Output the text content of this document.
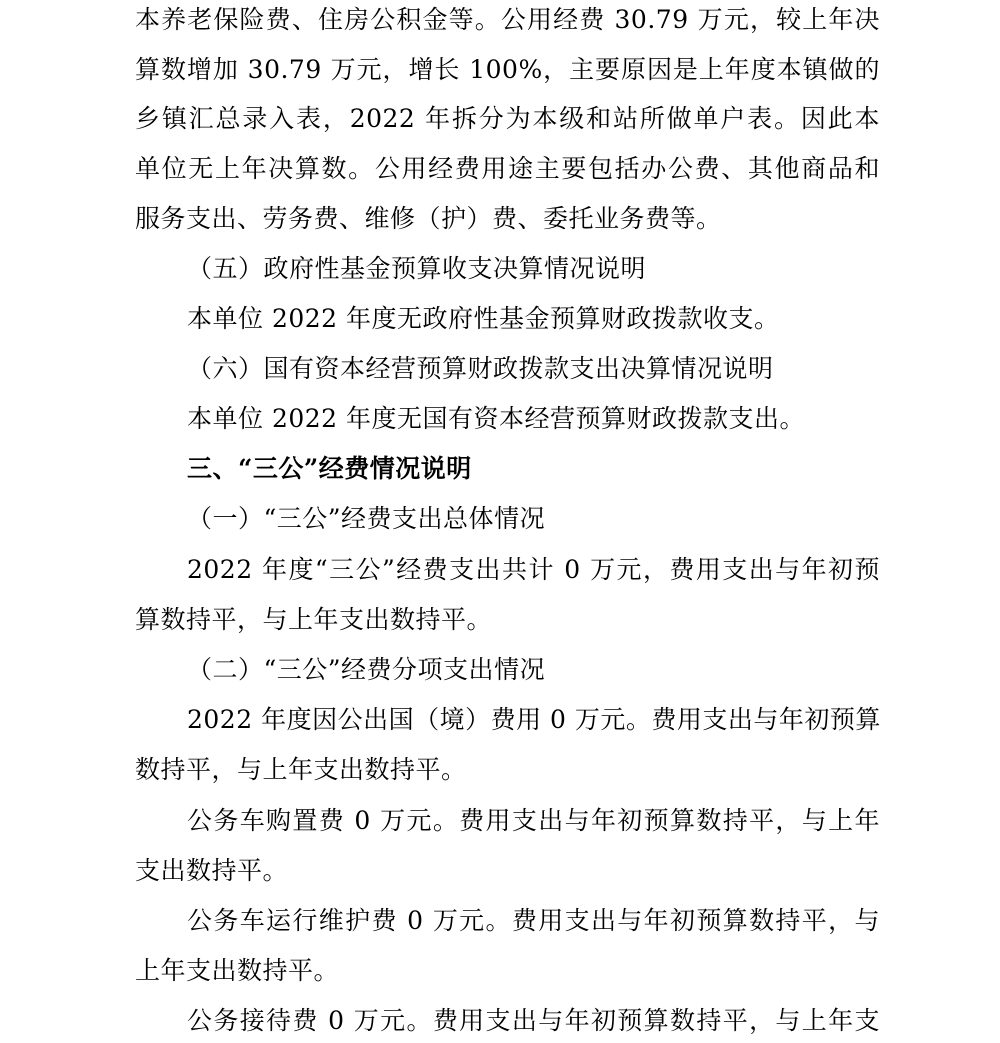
本养老保险费、住房公积金等。公用经费 30.79 万元，较上年决
算数增加 30.79 万元，增长 100%，主要原因是上年度本镇做的
乡镇汇总录入表，2022 年拆分为本级和站所做单户表。因此本
单位无上年决算数。公用经费用途主要包括办公费、其他商品和
服务支出、劳务费、维修（护）费、委托业务费等。
（五）政府性基金预算收支决算情况说明
本单位 2022 年度无政府性基金预算财政拨款收支。
（六）国有资本经营预算财政拨款支出决算情况说明
本单位 2022 年度无国有资本经营预算财政拨款支出。
三、“三公”经费情况说明
（一）“三公”经费支出总体情况
2022 年度“三公”经费支出共计 0 万元，费用支出与年初预
算数持平，与上年支出数持平。
（二）“三公”经费分项支出情况
2022 年度因公出国（境）费用 0 万元。费用支出与年初预算
数持平，与上年支出数持平。
公务车购置费 0 万元。费用支出与年初预算数持平，与上年
支出数持平。
公务车运行维护费 0 万元。费用支出与年初预算数持平，与
上年支出数持平。
公务接待费 0 万元。费用支出与年初预算数持平，与上年支
